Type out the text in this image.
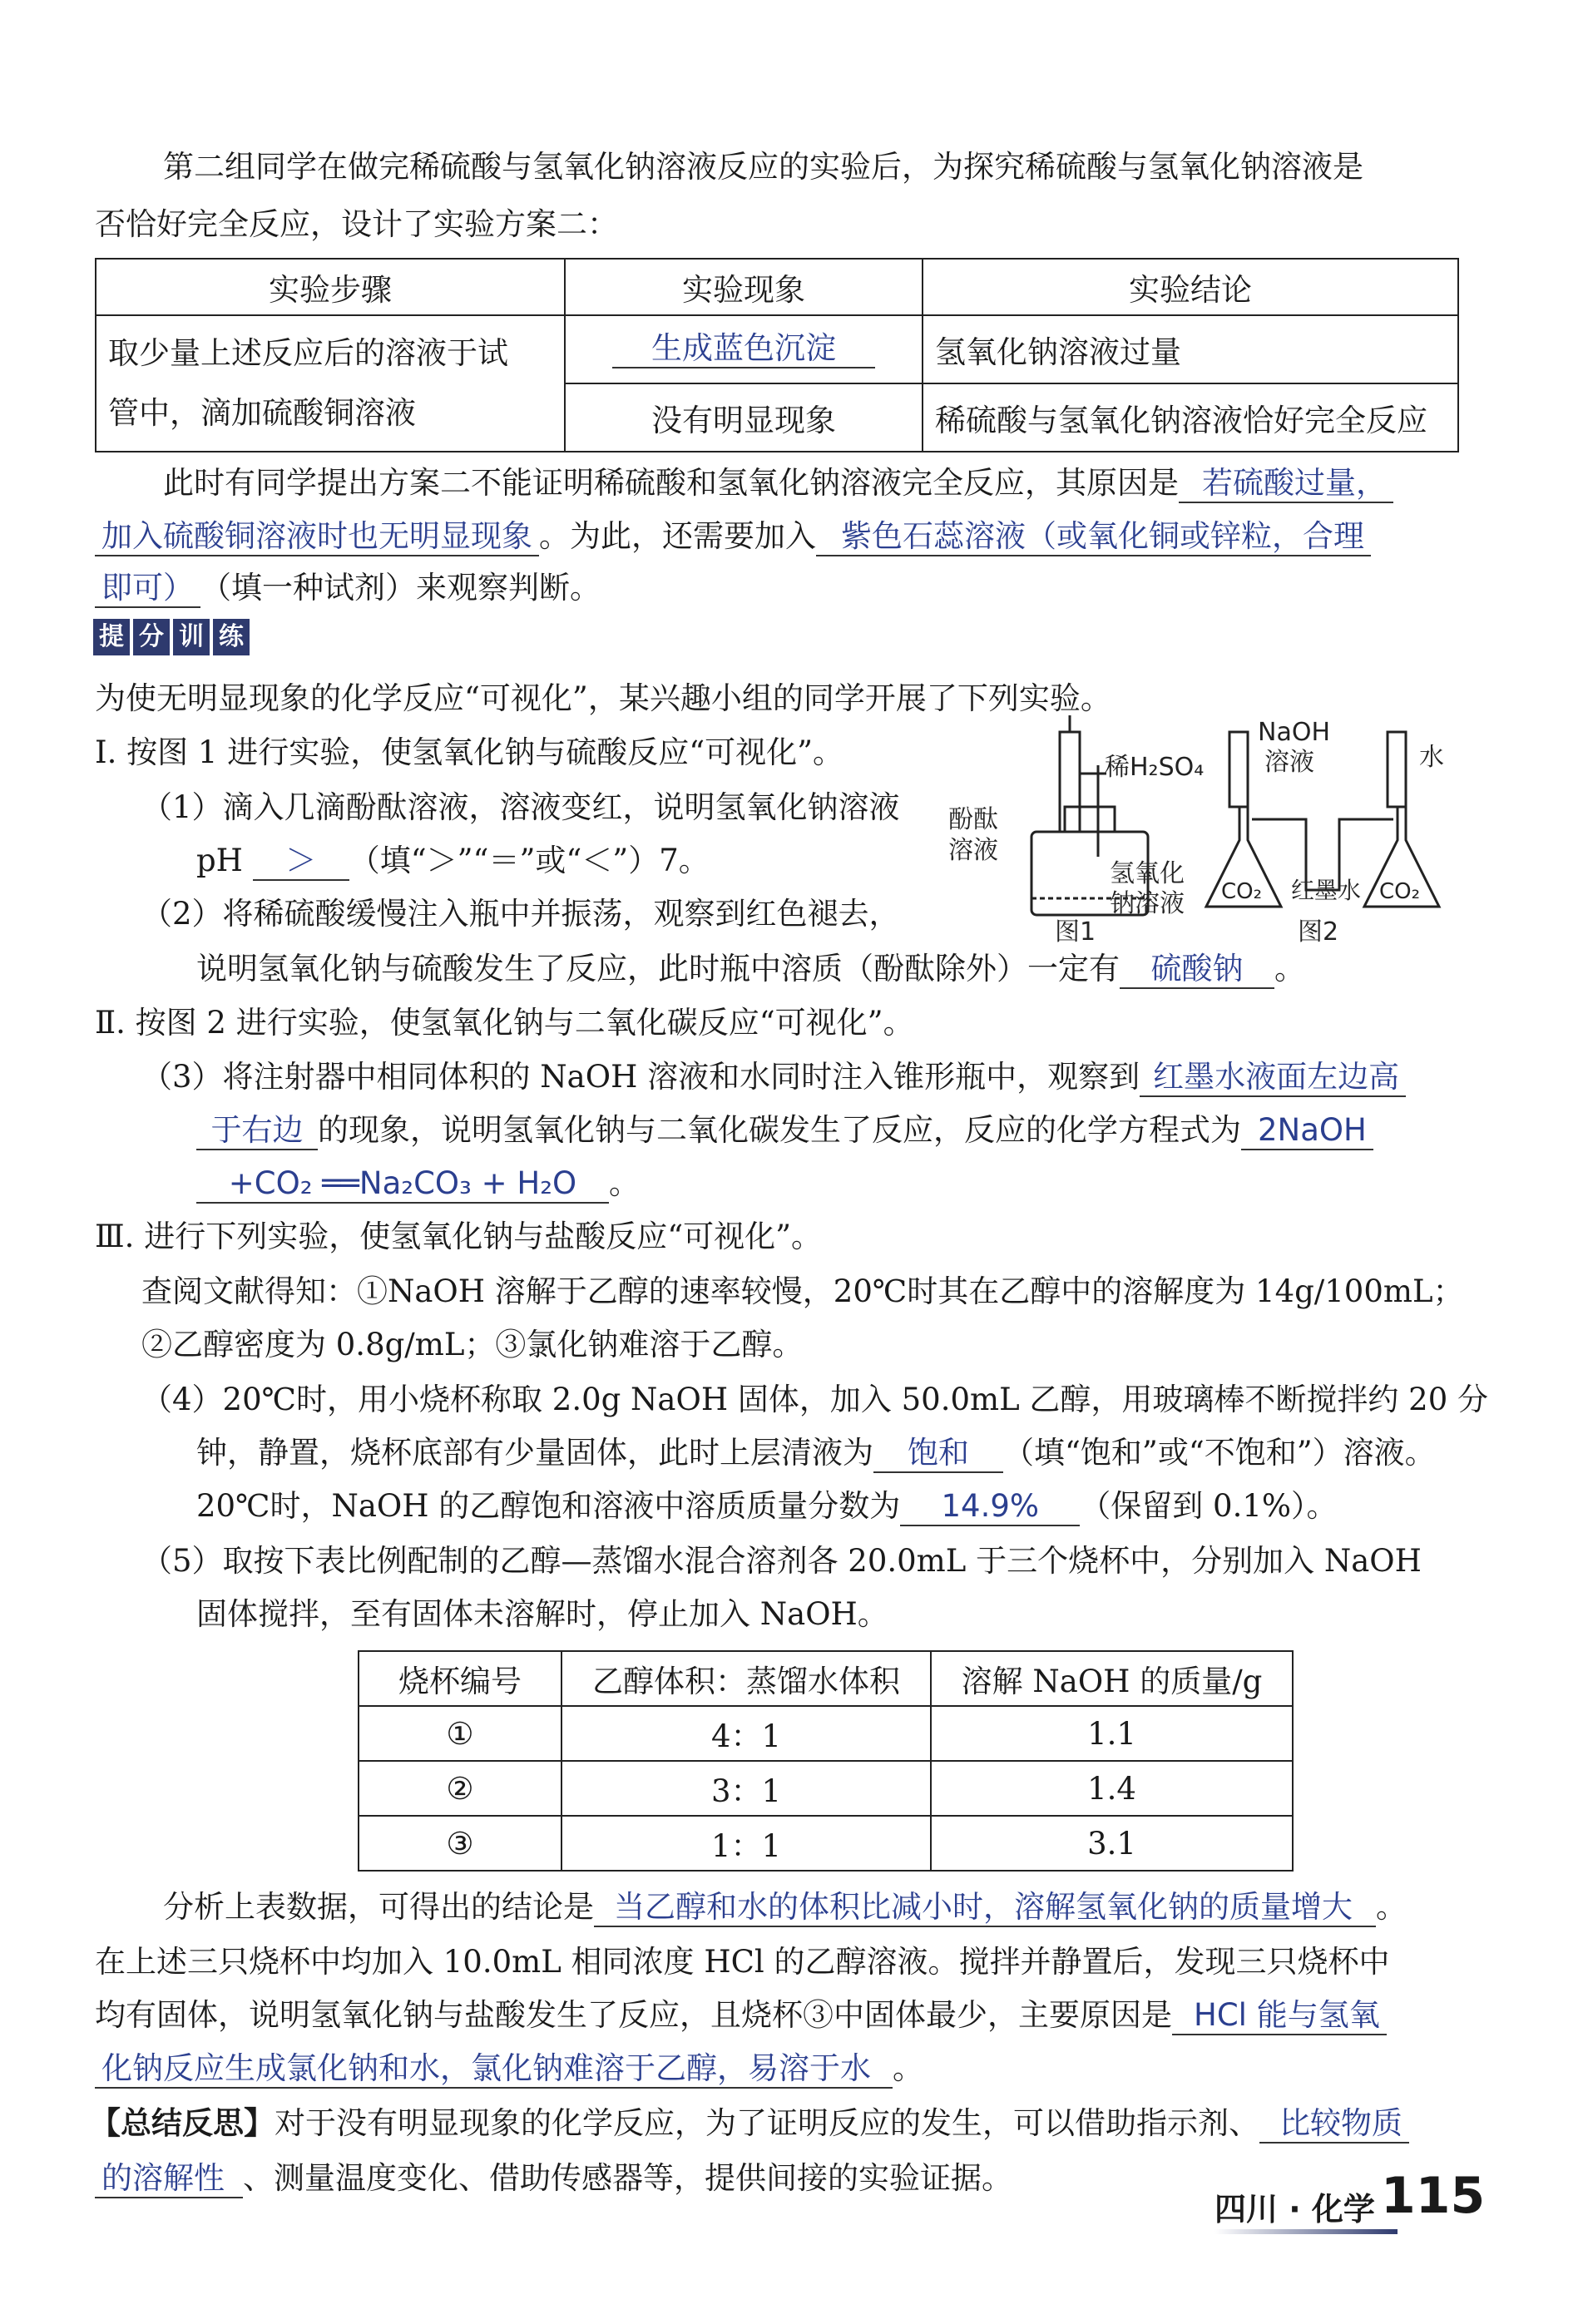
第二组同学在做完稀硫酸与氢氧化钠溶液反应的实验后，为探究稀硫酸与氢氧化钠溶液是
否恰好完全反应，设计了实验方案二：
实验步骤	实验现象	实验结论
取少量上述反应后的溶液于试
管中，滴加硫酸铜溶液	生成蓝色沉淀	氢氧化钠溶液过量
	没有明显现象	稀硫酸与氢氧化钠溶液恰好完全反应
此时有同学提出方案二不能证明稀硫酸和氢氧化钠溶液完全反应，其原因是 若硫酸过量，
加入硫酸铜溶液时也无明显现象 。为此，还需要加入 紫色石蕊溶液（或氧化铜或锌粒，合理
即可） （填一种试剂）来观察判断。
提 分 训 练
为使无明显现象的化学反应“可视化”，某兴趣小组的同学开展了下列实验。
Ⅰ. 按图 1 进行实验，使氢氧化钠与硫酸反应“可视化”。
（1）滴入几滴酚酞溶液，溶液变红，说明氢氧化钠溶液
pH ＞ （填“＞”“＝”或“＜”）7。
（2）将稀硫酸缓慢注入瓶中并振荡，观察到红色褪去，
说明氢氧化钠与硫酸发生了反应，此时瓶中溶质（酚酞除外）一定有 硫酸钠 。
稀H₂SO₄
酚酞
溶液
氢氧化
钠溶液
图1
NaOH
溶液	水
CO₂	CO₂
红墨水
图2
Ⅱ. 按图 2 进行实验，使氢氧化钠与二氧化碳反应“可视化”。
（3）将注射器中相同体积的 NaOH 溶液和水同时注入锥形瓶中，观察到 红墨水液面左边高
于右边 的现象，说明氢氧化钠与二氧化碳发生了反应，反应的化学方程式为 2NaOH
+CO₂ ══Na₂CO₃ + H₂O 。
Ⅲ. 进行下列实验，使氢氧化钠与盐酸反应“可视化”。
查阅文献得知：①NaOH 溶解于乙醇的速率较慢，20℃时其在乙醇中的溶解度为 14g/100mL；
②乙醇密度为 0.8g/mL；③氯化钠难溶于乙醇。
（4）20℃时，用小烧杯称取 2.0g NaOH 固体，加入 50.0mL 乙醇，用玻璃棒不断搅拌约 20 分
钟，静置，烧杯底部有少量固体，此时上层清液为 饱和 （填“饱和”或“不饱和”）溶液。
20℃时，NaOH 的乙醇饱和溶液中溶质质量分数为 14.9% （保留到 0.1%）。
（5）取按下表比例配制的乙醇—蒸馏水混合溶剂各 20.0mL 于三个烧杯中，分别加入 NaOH
固体搅拌，至有固体未溶解时，停止加入 NaOH。
烧杯编号	乙醇体积：蒸馏水体积	溶解 NaOH 的质量/g
①	4：1	1.1
②	3：1	1.4
③	1：1	3.1
分析上表数据，可得出的结论是 当乙醇和水的体积比减小时，溶解氢氧化钠的质量增大 。
在上述三只烧杯中均加入 10.0mL 相同浓度 HCl 的乙醇溶液。搅拌并静置后，发现三只烧杯中
均有固体，说明氢氧化钠与盐酸发生了反应，且烧杯③中固体最少，主要原因是 HCl 能与氢氧
化钠反应生成氯化钠和水，氯化钠难溶于乙醇，易溶于水 。
【总结反思】对于没有明显现象的化学反应，为了证明反应的发生，可以借助指示剂、 比较物质
的溶解性 、测量温度变化、借助传感器等，提供间接的实验证据。
四川 · 化学 115
